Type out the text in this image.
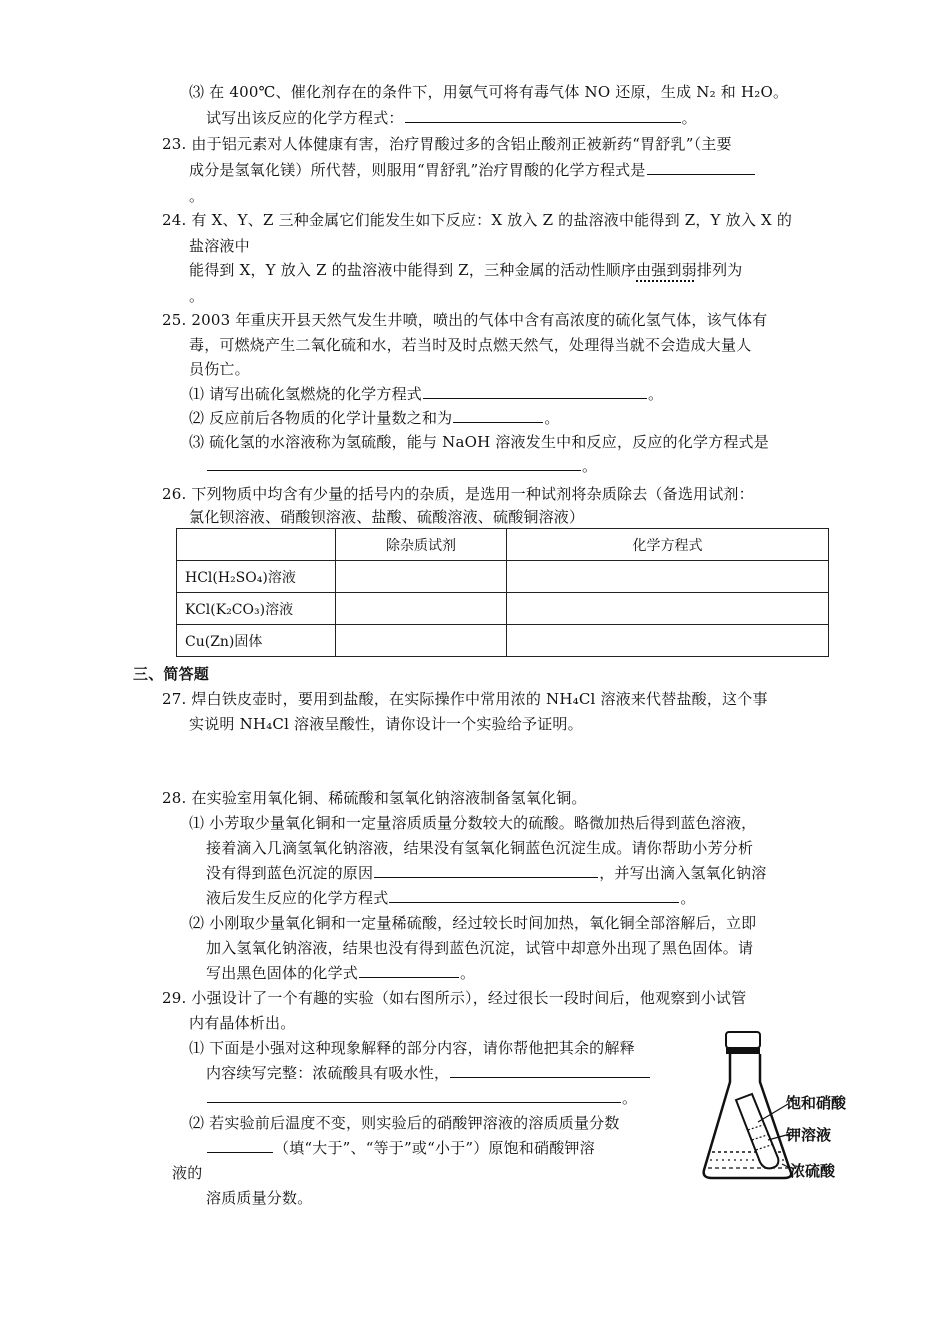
⑶ 在 400℃、催化剂存在的条件下，用氨气可将有毒气体 NO 还原，生成 N₂ 和 H₂O。
试写出该反应的化学方程式：	。
23. 由于铝元素对人体健康有害，治疗胃酸过多的含铝止酸剂正被新药“胃舒乳”（主要
成分是氢氧化镁）所代替，则服用“胃舒乳”治疗胃酸的化学方程式是
。
24. 有 X、Y、Z 三种金属它们能发生如下反应：X 放入 Z 的盐溶液中能得到 Z，Y 放入 X 的
盐溶液中
能得到 X，Y 放入 Z 的盐溶液中能得到 Z，三种金属的活动性顺序由强到弱排列为
。
25. 2003 年重庆开县天然气发生井喷，喷出的气体中含有高浓度的硫化氢气体，该气体有
毒，可燃烧产生二氧化硫和水，若当时及时点燃天然气，处理得当就不会造成大量人
员伤亡。
⑴ 请写出硫化氢燃烧的化学方程式	。
⑵ 反应前后各物质的化学计量数之和为	。
⑶ 硫化氢的水溶液称为氢硫酸，能与 NaOH 溶液发生中和反应，反应的化学方程式是
。
26. 下列物质中均含有少量的括号内的杂质，是选用一种试剂将杂质除去（备选用试剂：
氯化钡溶液、硝酸钡溶液、盐酸、硫酸溶液、硫酸铜溶液）
	除杂质试剂	化学方程式
HCl(H₂SO₄)溶液		
KCl(K₂CO₃)溶液		
Cu(Zn)固体		
三、简答题
27. 焊白铁皮壶时，要用到盐酸，在实际操作中常用浓的 NH₄Cl 溶液来代替盐酸，这个事
实说明 NH₄Cl 溶液呈酸性，请你设计一个实验给予证明。
28. 在实验室用氧化铜、稀硫酸和氢氧化钠溶液制备氢氧化铜。
⑴ 小芳取少量氧化铜和一定量溶质质量分数较大的硫酸。略微加热后得到蓝色溶液，
接着滴入几滴氢氧化钠溶液，结果没有氢氧化铜蓝色沉淀生成。请你帮助小芳分析
没有得到蓝色沉淀的原因	，并写出滴入氢氧化钠溶
液后发生反应的化学方程式	。
⑵ 小刚取少量氧化铜和一定量稀硫酸，经过较长时间加热，氧化铜全部溶解后，立即
加入氢氧化钠溶液，结果也没有得到蓝色沉淀，试管中却意外出现了黑色固体。请
写出黑色固体的化学式	。
29. 小强设计了一个有趣的实验（如右图所示），经过很长一段时间后，他观察到小试管
内有晶体析出。
⑴ 下面是小强对这种现象解释的部分内容，请你帮他把其余的解释
内容续写完整：浓硫酸具有吸水性，
。
⑵ 若实验前后温度不变，则实验后的硝酸钾溶液的溶质质量分数
（填“大于”、“等于”或“小于”）原饱和硝酸钾溶
液的
溶质质量分数。
饱和硝酸
钾溶液
浓硫酸
